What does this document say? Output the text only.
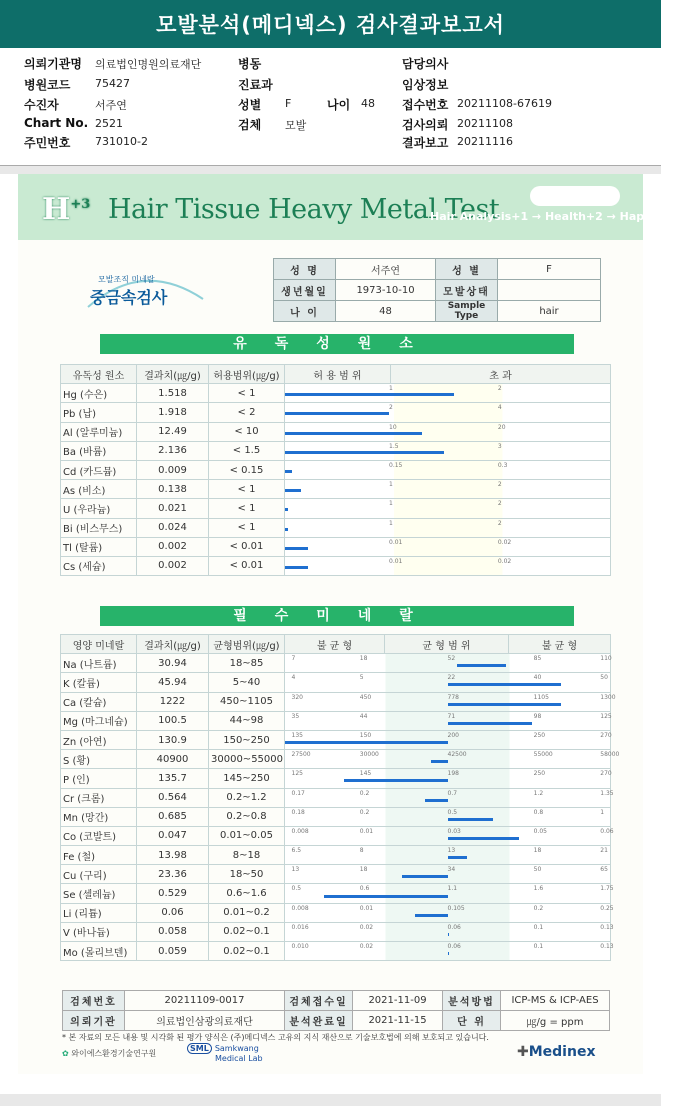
모발분석(메디넥스) 검사결과보고서
의뢰기관명 의료법인명원의료재단	병동	담당의사
병원코드 75427	진료과	임상정보
수진자	서주연	성별 F	나이 48 접수번호 20211108-67619
Chart No. 2521	검체 모발	검사의뢰 20211108
주민번호 731010-2	결과보고 20211116
$H^{+3}$ Hair Tissue Heavy Metal Test
Hair Analysis+1 → Health+2 → Happy+3
모발조직 미네랄
중금속검사
성 명	서주연	성 별	F
생년월일	1973-10-10	모발상태	
나 이	48	Sample Type	hair
유독성원소
유독성 원소	결과치(㎍/g)	허용범위(㎍/g)	허 용 범 위	초 과
Hg (수은)	1.518	< 1	1 2	

Pb (납)	1.918	< 2	2 4	

Al (알루미늄)	12.49	< 10	10 20	

Ba (바륨)	2.136	< 1.5	1.5 3	

Cd (카드뮴)	0.009	< 0.15	0.15 0.3	

As (비소)	0.138	< 1	1 2	

U (우라늄)	0.021	< 1	1 2	

Bi (비스무스)	0.024	< 1	1 2	

Tl (탈륨)	0.002	< 0.01	0.01 0.02	

Cs (세슘)	0.002	< 0.01	0.01 0.02	
필수미네랄
영양 미네랄	결과치(㎍/g)	균형범위(㎍/g)	불 균 형	균 형 범 위	불 균 형
Na (나트륨)	30.94	18~85	7 18 52 85 110		

K (칼륨)	45.94	5~40	4 5 22 40 50		

Ca (칼슘)	1222	450~1105	320 450 778 1105 1300		

Mg (마그네슘)	100.5	44~98	35 44 71 98 125		

Zn (아연)	130.9	150~250	135 150 200 250 270		

S (황)	40900	30000~55000	27500 30000 42500 55000 58000		

P (인)	135.7	145~250	125 145 198 250 270		

Cr (크롬)	0.564	0.2~1.2	0.17 0.2 0.7 1.2 1.35		

Mn (망간)	0.685	0.2~0.8	0.18 0.2 0.5 0.8 1		

Co (코발트)	0.047	0.01~0.05	0.008 0.01 0.03 0.05 0.06		

Fe (철)	13.98	8~18	6.5 8 13 18 21		

Cu (구리)	23.36	18~50	13 18 34 50 65		

Se (셀레늄)	0.529	0.6~1.6	0.5 0.6 1.1 1.6 1.75		

Li (리튬)	0.06	0.01~0.2	0.008 0.01 0.105 0.2 0.25		

V (바나듐)	0.058	0.02~0.1	0.016 0.02 0.06 0.1 0.13		

Mo (몰리브덴)	0.059	0.02~0.1	0.010 0.02 0.06 0.1 0.13		
검체번호	20211109-0017	검체접수일	2021-11-09	분석방법	ICP-MS & ICP-AES
의뢰기관	의료법인삼광의료재단	분석완료일	2021-11-15	단 위	㎍/g = ppm
* 본 자료의 모든 내용 및 시각화 된 평가 양식은 (주)메디넥스 고유의 지식 재산으로 기술보호법에 의해 보호되고 있습니다.
✿ 와이에스환경기술연구원
SML Samkwang
Medical Lab	✚Medinex
